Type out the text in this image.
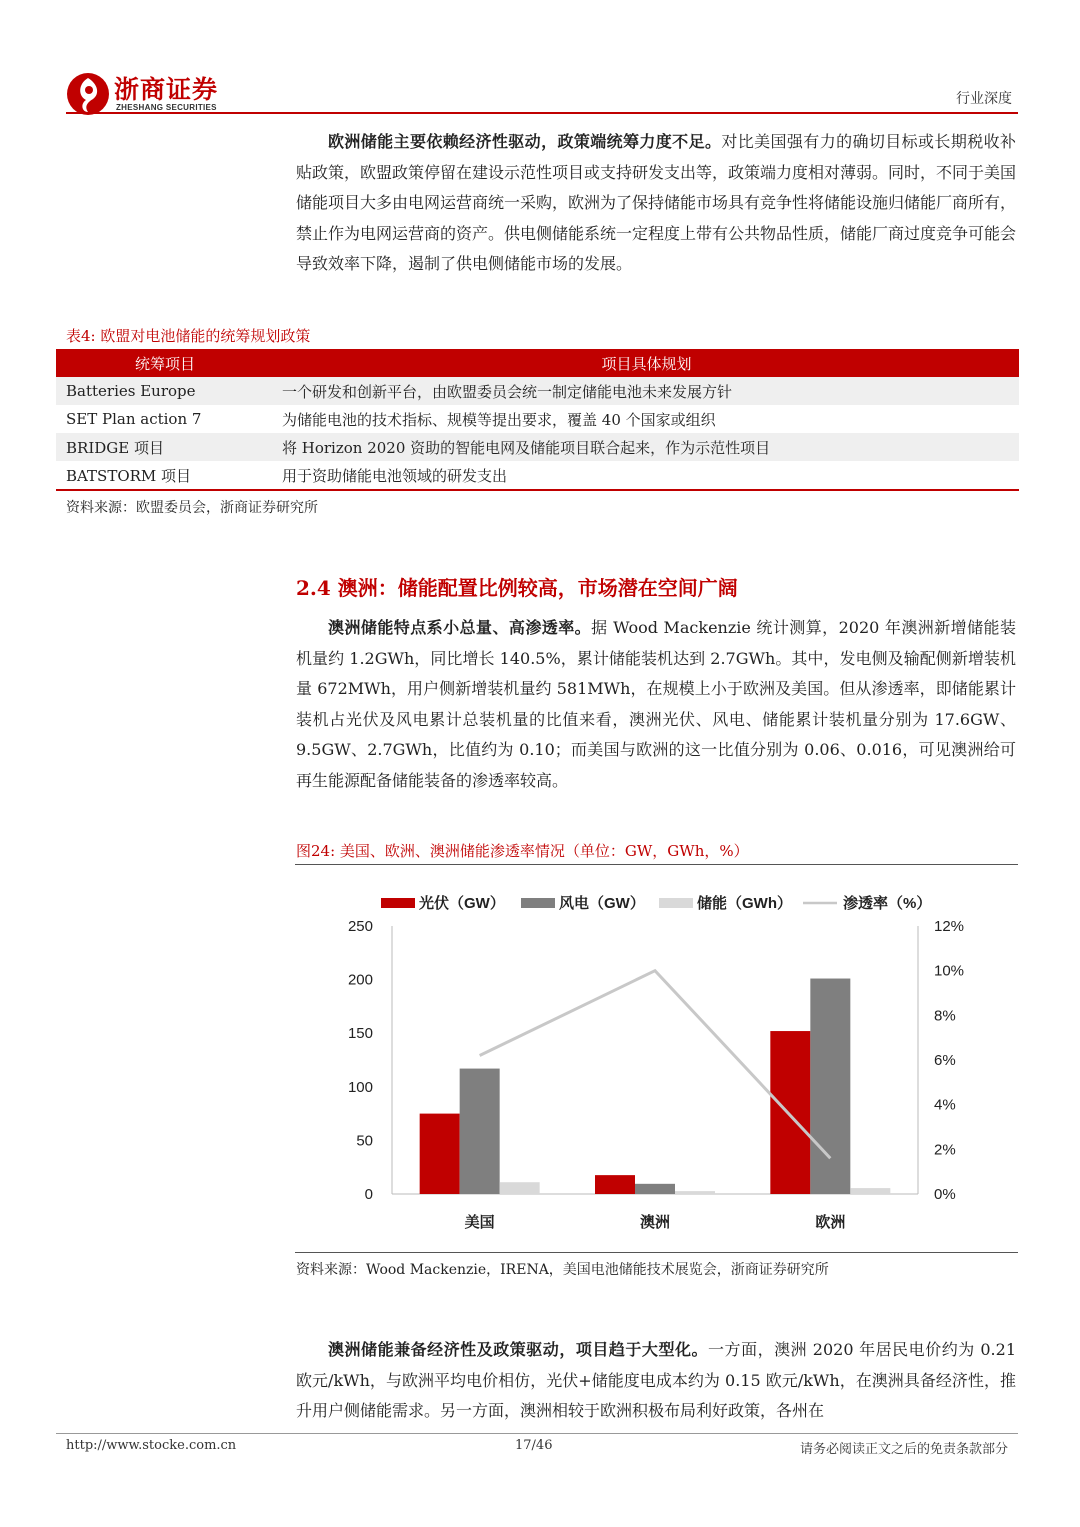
浙商证券
ZHESHANG SECURITIES
行业深度

欧洲储能主要依赖经济性驱动，政策端统筹力度不足。对比美国强有力的确切目标或长期税收补贴政策，欧盟政策停留在建设示范性项目或支持研发支出等，政策端力度相对薄弱。同时，不同于美国储能项目大多由电网运营商统一采购，欧洲为了保持储能市场具有竞争性将储能设施归储能厂商所有，禁止作为电网运营商的资产。供电侧储能系统一定程度上带有公共物品性质，储能厂商过度竞争可能会导致效率下降，遏制了供电侧储能市场的发展。

表4: 欧盟对电池储能的统筹规划政策
统筹项目	项目具体规划
Batteries Europe	一个研发和创新平台，由欧盟委员会统一制定储能电池未来发展方针
SET Plan action 7	为储能电池的技术指标、规模等提出要求，覆盖 40 个国家或组织
BRIDGE 项目	将 Horizon 2020 资助的智能电网及储能项目联合起来，作为示范性项目
BATSTORM 项目	用于资助储能电池领域的研发支出
资料来源：欧盟委员会，浙商证券研究所
2.4 澳洲：储能配置比例较高，市场潜在空间广阔

澳洲储能特点系小总量、高渗透率。据 Wood Mackenzie 统计测算，2020 年澳洲新增储能装机量约 1.2GWh，同比增长 140.5%，累计储能装机达到 2.7GWh。其中，发电侧及输配侧新增装机量 672MWh，用户侧新增装机量约 581MWh，在规模上小于欧洲及美国。但从渗透率，即储能累计装机占光伏及风电累计总装机量的比值来看，澳洲光伏、风电、储能累计装机量分别为 17.6GW、9.5GW、2.7GWh，比值约为 0.10；而美国与欧洲的这一比值分别为 0.06、0.016，可见澳洲给可再生能源配备储能装备的渗透率较高。

图24: 美国、欧洲、澳洲储能渗透率情况（单位：GW，GWh，%）
光伏（GW）	风电（GW）	储能（GWh）	渗透率（%）
0
50
100
150
200
250
0%
2%
4%
6%
8%
10%
12%
美国	澳洲	欧洲
资料来源：Wood Mackenzie，IRENA，美国电池储能技术展览会，浙商证券研究所

澳洲储能兼备经济性及政策驱动，项目趋于大型化。一方面，澳洲 2020 年居民电价约为 0.21 欧元/kWh，与欧洲平均电价相仿，光伏+储能度电成本约为 0.15 欧元/kWh，在澳洲具备经济性，推升用户侧储能需求。另一方面，澳洲相较于欧洲积极布局利好政策，各州在

http://www.stocke.com.cn	17/46	请务必阅读正文之后的免责条款部分
